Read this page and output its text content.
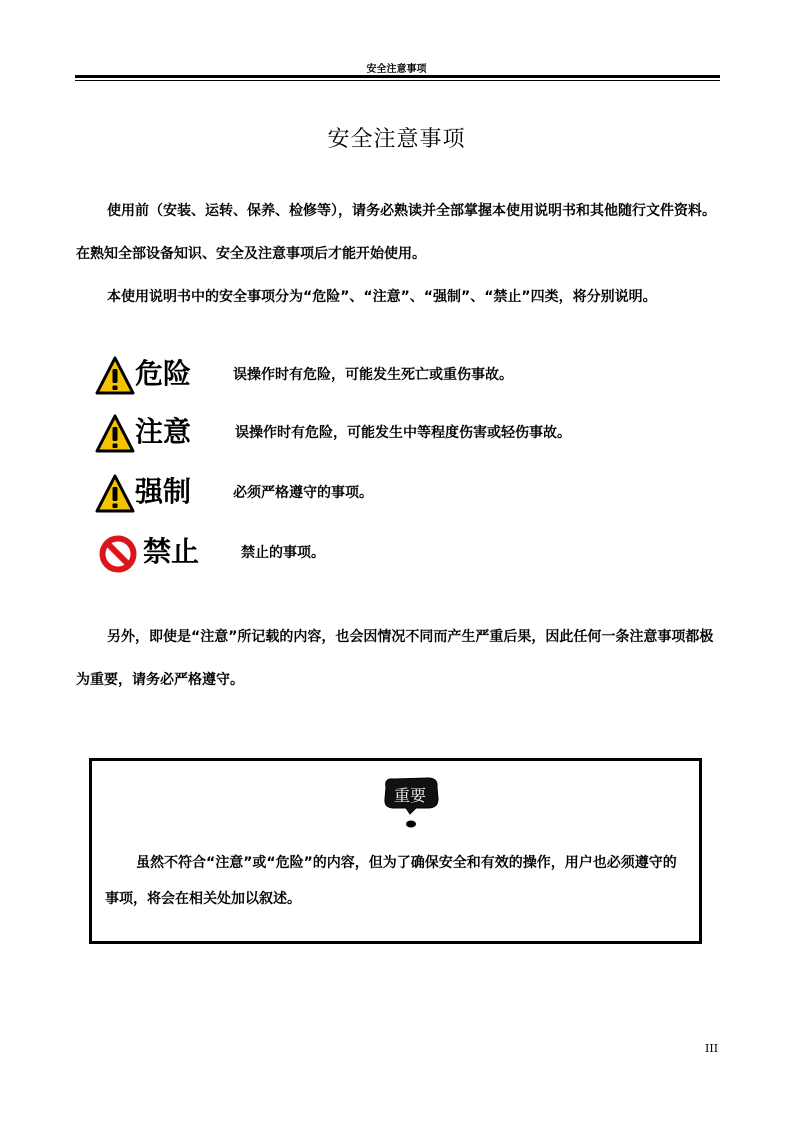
安全注意事项
安全注意事项

使用前（安装、运转、保养、检修等），请务必熟读并全部掌握本使用说明书和其他随行文件资料。在熟知全部设备知识、安全及注意事项后才能开始使用。

本使用说明书中的安全事项分为“危险”、“注意”、“强制”、“禁止”四类，将分别说明。

危险	误操作时有危险，可能发生死亡或重伤事故。
注意	误操作时有危险，可能发生中等程度伤害或轻伤事故。
强制	必须严格遵守的事项。
禁止	禁止的事项。

另外，即使是“注意”所记载的内容，也会因情况不同而产生严重后果，因此任何一条注意事项都极为重要，请务必严格遵守。

重要

虽然不符合“注意”或“危险”的内容，但为了确保安全和有效的操作，用户也必须遵守的事项，将会在相关处加以叙述。

III
